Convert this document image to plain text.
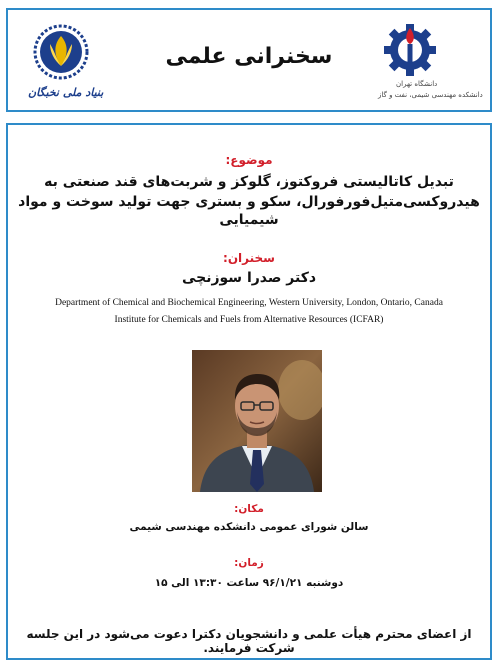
بنیاد ملی نخبگان
سخنرانی علمی
دانشگاه تهران
دانشکده مهندسی شیمی، نفت و گاز
موضوع:
تبدیل کاتالیستی فروکتوز، گلوکز و شربت‌های قند صنعتی به
هیدروکسی‌متیل‌فورفورال، سکو و بستری جهت تولید سوخت و مواد شیمیایی
سخنران:
دکتر صدرا سوزنچی
Department of Chemical and Biochemical Engineering, Western University, London, Ontario, Canada
Institute for Chemicals and Fuels from Alternative Resources (ICFAR)
مکان:
سالن شورای عمومی دانشکده مهندسی شیمی
زمان:
دوشنبه ۹۶/۱/۲۱ ساعت ۱۳:۳۰ الی ۱۵
از اعضای محترم هیأت علمی و دانشجویان دکترا دعوت می‌شود در این جلسه شرکت فرمایند.
